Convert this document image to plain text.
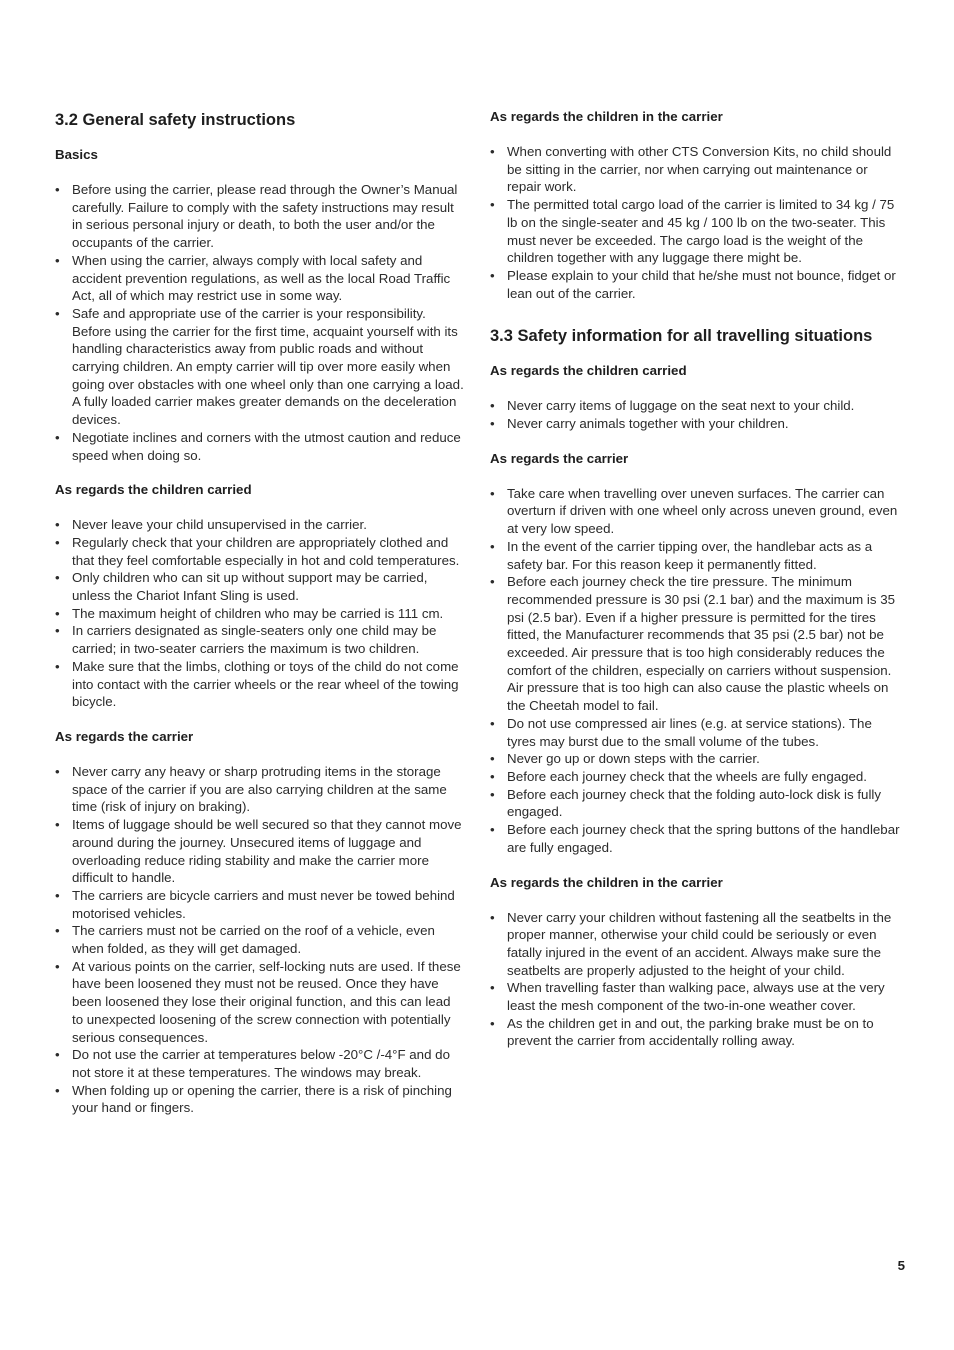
3.2 General safety instructions
Basics
• Before using the carrier, please read through the Owner’s Manual carefully. Failure to comply with the safety instructions may result in serious personal injury or death, to both the user and/or the occupants of the carrier.
• When using the carrier, always comply with local safety and accident prevention regulations, as well as the local Road Traffic Act, all of which may restrict use in some way.
• Safe and appropriate use of the carrier is your responsibility. Before using the carrier for the first time, acquaint yourself with its handling characteristics away from public roads and without carrying children. An empty carrier will tip over more easily when going over obstacles with one wheel only than one carrying a load. A fully loaded carrier makes greater demands on the deceleration devices.
• Negotiate inclines and corners with the utmost caution and reduce speed when doing so.
As regards the children carried
• Never leave your child unsupervised in the carrier.
• Regularly check that your children are appropriately clothed and that they feel comfortable especially in hot and cold temperatures.
• Only children who can sit up without support may be carried, unless the Chariot Infant Sling is used.
• The maximum height of children who may be carried is 111 cm.
• In carriers designated as single-seaters only one child may be carried; in two-seater carriers the maximum is two children.
• Make sure that the limbs, clothing or toys of the child do not come into contact with the carrier wheels or the rear wheel of the towing bicycle.
As regards the carrier
• Never carry any heavy or sharp protruding items in the storage space of the carrier if you are also carrying children at the same time (risk of injury on braking).
• Items of luggage should be well secured so that they cannot move around during the journey. Unsecured items of luggage and overloading reduce riding stability and make the carrier more difficult to handle.
• The carriers are bicycle carriers and must never be towed behind motorised vehicles.
• The carriers must not be carried on the roof of a vehicle, even when folded, as they will get damaged.
• At various points on the carrier, self-locking nuts are used. If these have been loosened they must not be reused. Once they have been loosened they lose their original function, and this can lead to unexpected loosening of the screw connection with potentially serious consequences.
• Do not use the carrier at temperatures below -20°C /-4°F and do not store it at these temperatures. The windows may break.
• When folding up or opening the carrier, there is a risk of pinching your hand or fingers.
As regards the children in the carrier
• When converting with other CTS Conversion Kits, no child should be sitting in the carrier, nor when carrying out maintenance or repair work.
• The permitted total cargo load of the carrier is limited to 34 kg / 75 lb on the single-seater and 45 kg / 100 lb on the two-seater. This must never be exceeded. The cargo load is the weight of the children together with any luggage there might be.
• Please explain to your child that he/she must not bounce, fidget or lean out of the carrier.
3.3 Safety information for all travelling situations
As regards the children carried
• Never carry items of luggage on the seat next to your child.
• Never carry animals together with your children.
As regards the carrier
• Take care when travelling over uneven surfaces. The carrier can overturn if driven with one wheel only across uneven ground, even at very low speed.
• In the event of the carrier tipping over, the handlebar acts as a safety bar. For this reason keep it permanently fitted.
• Before each journey check the tire pressure. The minimum recommended pressure is 30 psi (2.1 bar) and the maximum is 35 psi (2.5 bar). Even if a higher pressure is permitted for the tires fitted, the Manufacturer recommends that 35 psi (2.5 bar) not be exceeded. Air pressure that is too high considerably reduces the comfort of the children, especially on carriers without suspension. Air pressure that is too high can also cause the plastic wheels on the Cheetah model to fail.
• Do not use compressed air lines (e.g. at service stations). The tyres may burst due to the small volume of the tubes.
• Never go up or down steps with the carrier.
• Before each journey check that the wheels are fully engaged.
• Before each journey check that the folding auto-lock disk is fully engaged.
• Before each journey check that the spring buttons of the handlebar are fully engaged.
As regards the children in the carrier
• Never carry your children without fastening all the seatbelts in the proper manner, otherwise your child could be seriously or even fatally injured in the event of an accident. Always make sure the seatbelts are properly adjusted to the height of your child.
• When travelling faster than walking pace, always use at the very least the mesh component of the two-in-one weather cover.
• As the children get in and out, the parking brake must be on to prevent the carrier from accidentally rolling away.
5
